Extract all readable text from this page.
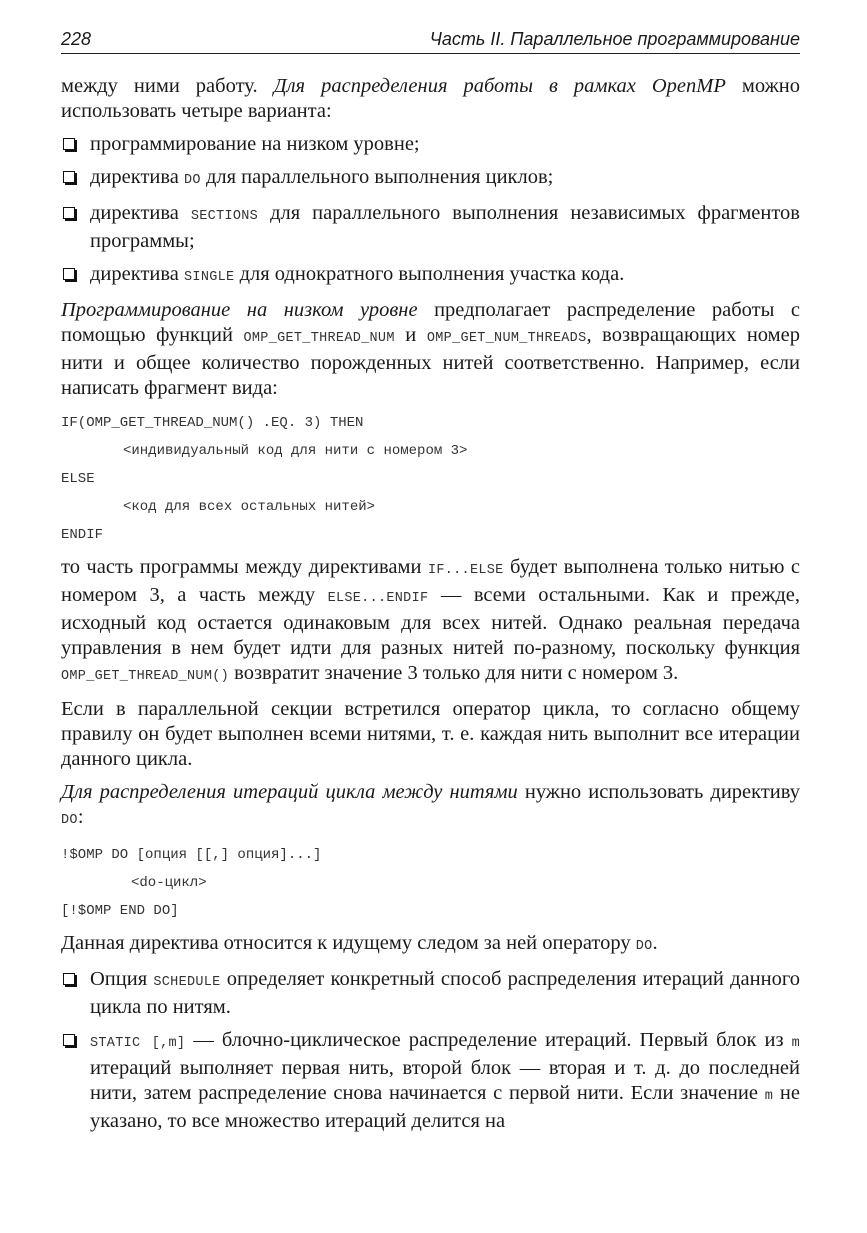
228	Часть II. Параллельное программирование

между ними работу. Для распределения работы в рамках OpenMP можно использовать четыре варианта:

программирование на низком уровне;
директива DO для параллельного выполнения циклов;
директива SECTIONS для параллельного выполнения независимых фрагментов программы;
директива SINGLE для однократного выполнения участка кода.

Программирование на низком уровне предполагает распределение работы с помощью функций OMP_GET_THREAD_NUM и OMP_GET_NUM_THREADS, возвращающих номер нити и общее количество порожденных нитей соответственно. Например, если написать фрагмент вида:

IF(OMP_GET_THREAD_NUM() .EQ. 3) THEN
<индивидуальный код для нити с номером 3>
ELSE
<код для всех остальных нитей>
ENDIF

то часть программы между директивами IF...ELSE будет выполнена только нитью с номером 3, а часть между ELSE...ENDIF — всеми остальными. Как и прежде, исходный код остается одинаковым для всех нитей. Однако реальная передача управления в нем будет идти для разных нитей по-разному, поскольку функция OMP_GET_THREAD_NUM() возвратит значение 3 только для нити с номером 3.

Если в параллельной секции встретился оператор цикла, то согласно общему правилу он будет выполнен всеми нитями, т. е. каждая нить выполнит все итерации данного цикла.

Для распределения итераций цикла между нитями нужно использовать директиву DO:

!$OMP DO [опция [[,] опция]...]
<do-цикл>
[!$OMP END DO]

Данная директива относится к идущему следом за ней оператору DO.

Опция SCHEDULE определяет конкретный способ распределения итераций данного цикла по нитям.
STATIC [,m] — блочно-циклическое распределение итераций. Первый блок из m итераций выполняет первая нить, второй блок — вторая и т. д. до последней нити, затем распределение снова начинается с первой нити. Если значение m не указано, то все множество итераций делится на
